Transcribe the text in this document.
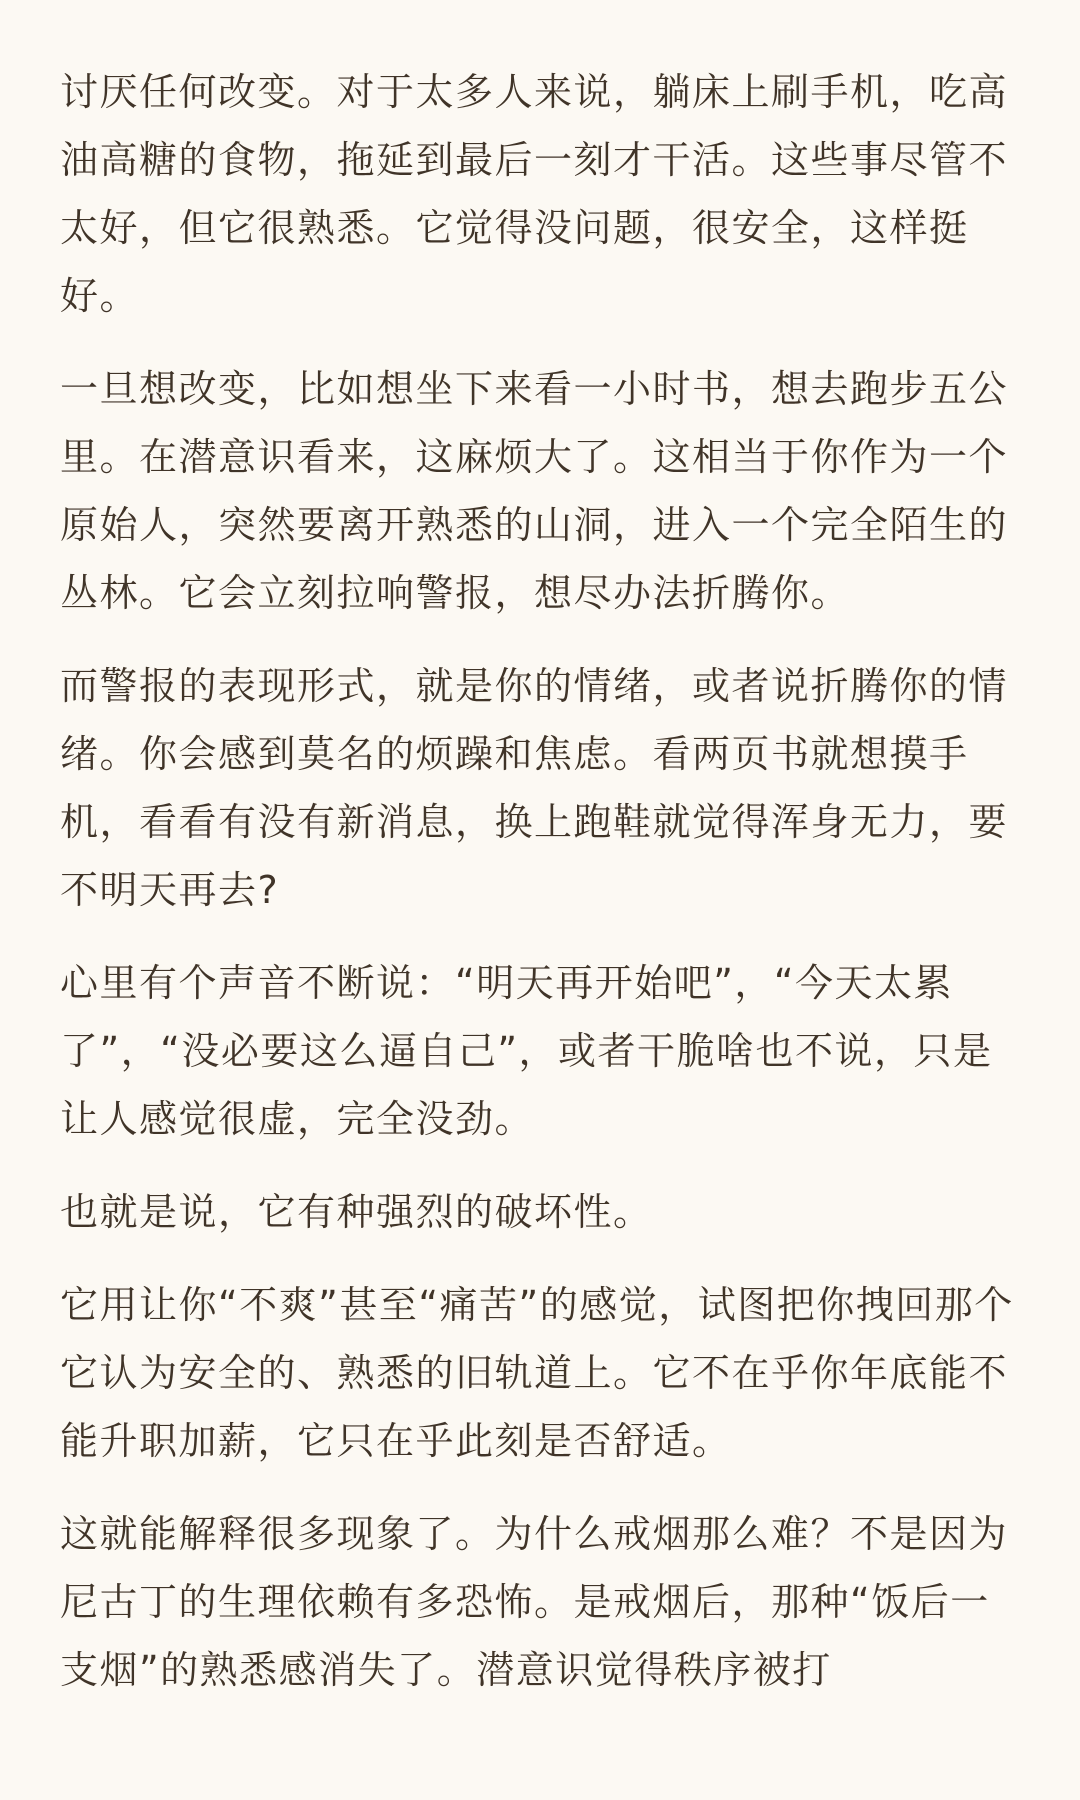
讨厌任何改变。对于太多人来说，躺床上刷手机，吃高油高糖的食物，拖延到最后一刻才干活。这些事尽管不太好，但它很熟悉。它觉得没问题，很安全，这样挺好。

一旦想改变，比如想坐下来看一小时书，想去跑步五公里。在潜意识看来，这麻烦大了。这相当于你作为一个原始人，突然要离开熟悉的山洞，进入一个完全陌生的丛林。它会立刻拉响警报，想尽办法折腾你。

而警报的表现形式，就是你的情绪，或者说折腾你的情绪。你会感到莫名的烦躁和焦虑。看两页书就想摸手机，看看有没有新消息，换上跑鞋就觉得浑身无力，要不明天再去?

心里有个声音不断说：“明天再开始吧”，“今天太累了”，“没必要这么逼自己”，或者干脆啥也不说，只是让人感觉很虚，完全没劲。

也就是说，它有种强烈的破坏性。

它用让你“不爽”甚至“痛苦”的感觉，试图把你拽回那个它认为安全的、熟悉的旧轨道上。它不在乎你年底能不能升职加薪，它只在乎此刻是否舒适。

这就能解释很多现象了。为什么戒烟那么难？不是因为尼古丁的生理依赖有多恐怖。是戒烟后，那种“饭后一支烟”的熟悉感消失了。潜意识觉得秩序被打
